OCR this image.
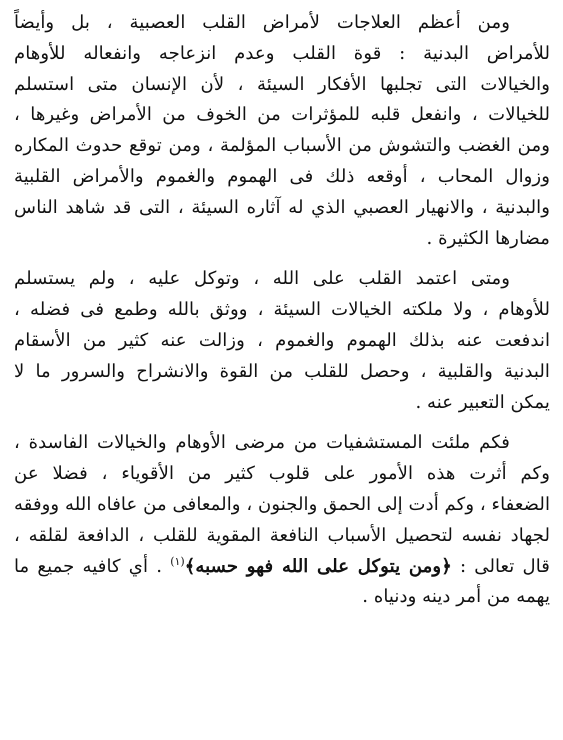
ومن أعظم العلاجات لأمراض القلب العصبية ، بل وأيضاً
للأمراض البدنية : قوة القلب وعدم انزعاجه وانفعاله للأوهام
والخيالات التى تجلبها الأفكار السيئة ، لأن الإنسان متى استسلم
للخيالات ، وانفعل قلبه للمؤثرات من الخوف من الأمراض وغيرها ،
ومن الغضب والتشوش من الأسباب المؤلمة ، ومن توقع حدوث المكاره
وزوال المحاب ، أوقعه ذلك فى الهموم والغموم والأمراض القلبية
والبدنية ، والانهيار العصبي الذي له آثاره السيئة ، التى قد شاهد الناس
مضارها الكثيرة .
ومتى اعتمد القلب على الله ، وتوكل عليه ، ولم يستسلم
للأوهام ، ولا ملكته الخيالات السيئة ، ووثق بالله وطمع فى فضله ،
اندفعت عنه بذلك الهموم والغموم ، وزالت عنه كثير من الأسقام
البدنية والقلبية ، وحصل للقلب من القوة والانشراح والسرور ما لا
يمكن التعبير عنه .
فكم ملئت المستشفيات من مرضى الأوهام والخيالات الفاسدة ،
وكم أثرت هذه الأمور على قلوب كثير من الأقوياء ، فضلا عن
الضعفاء ، وكم أدت إلى الحمق والجنون ، والمعافى من عافاه الله ووفقه
لجهاد نفسه لتحصيل الأسباب النافعة المقوية للقلب ، الدافعة لقلقه ،
قال تعالى : ﴿ومن يتوكل على الله فهو حسبه﴾$^{(١)}$ . أي كافيه جميع ما
يهمه من أمر دينه ودنياه .
